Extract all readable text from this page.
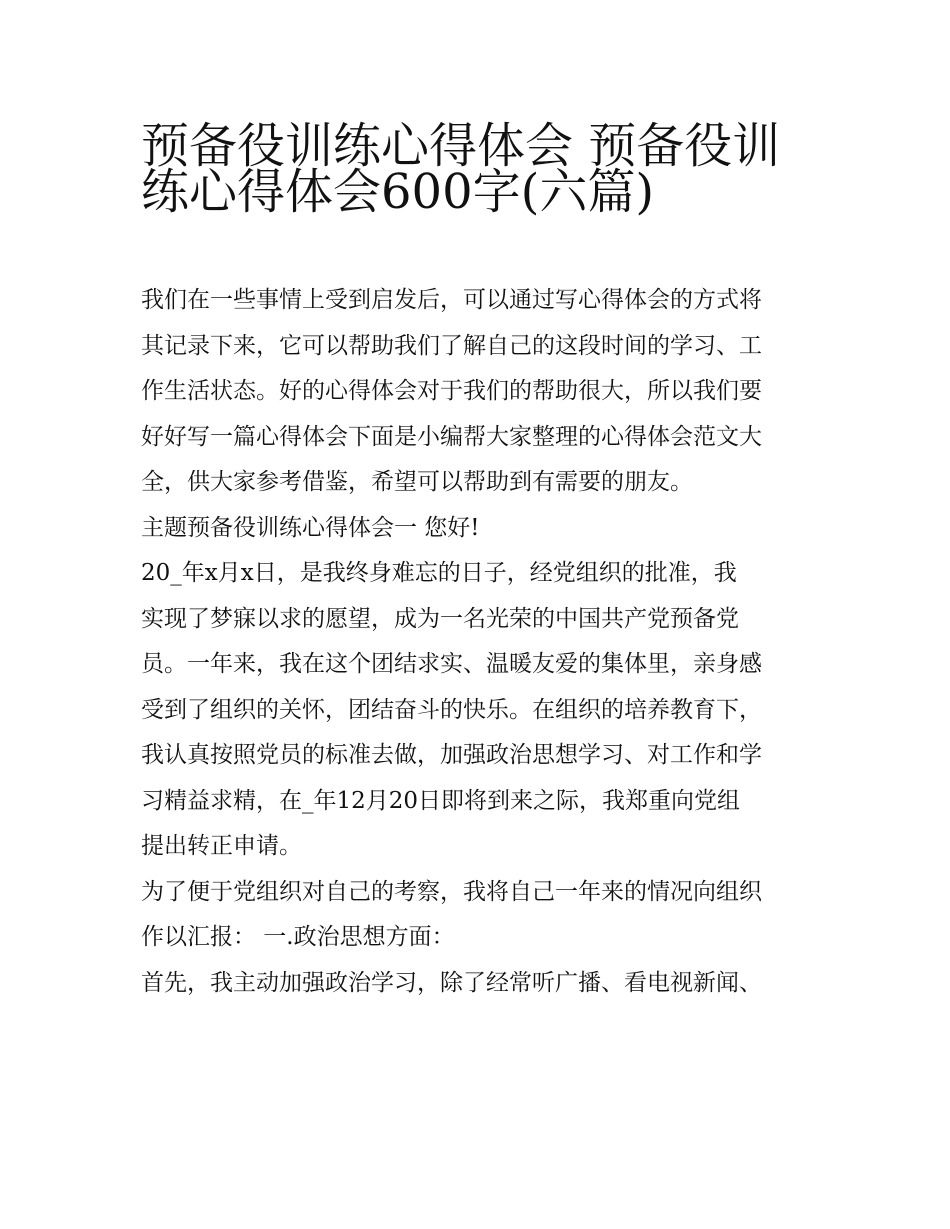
预备役训练心得体会 预备役训
练心得体会600字(六篇)
我们在一些事情上受到启发后，可以通过写心得体会的方式将
其记录下来，它可以帮助我们了解自己的这段时间的学习、工
作生活状态。好的心得体会对于我们的帮助很大，所以我们要
好好写一篇心得体会下面是小编帮大家整理的心得体会范文大
全，供大家参考借鉴，希望可以帮助到有需要的朋友。
主题预备役训练心得体会一 您好!
20_年x月x日，是我终身难忘的日子，经党组织的批准，我
实现了梦寐以求的愿望，成为一名光荣的中国共产党预备党
员。一年来，我在这个团结求实、温暖友爱的集体里，亲身感
受到了组织的关怀，团结奋斗的快乐。在组织的培养教育下，
我认真按照党员的标准去做，加强政治思想学习、对工作和学
习精益求精，在_年12月20日即将到来之际，我郑重向党组
提出转正申请。
为了便于党组织对自己的考察，我将自己一年来的情况向组织
作以汇报： 一.政治思想方面：
首先，我主动加强政治学习，除了经常听广播、看电视新闻、
